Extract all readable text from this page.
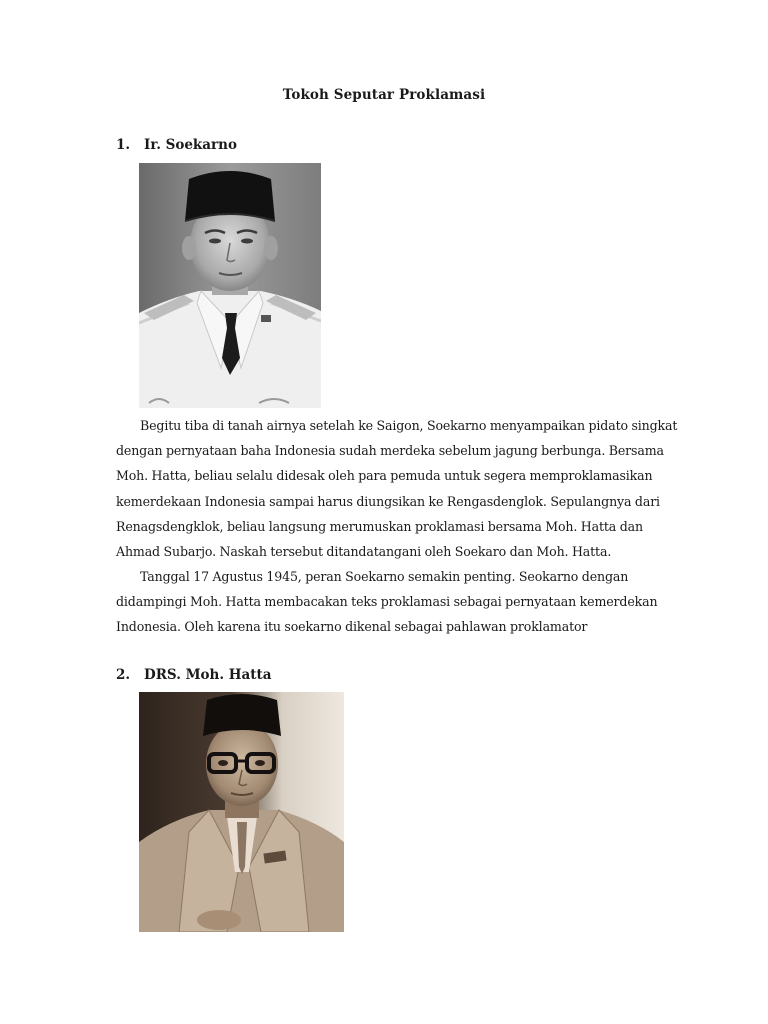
Tokoh Seputar Proklamasi
1.	Ir. Soekarno
Begitu tiba di tanah airnya setelah ke Saigon, Soekarno menyampaikan pidato singkat
dengan pernyataan baha Indonesia sudah merdeka sebelum jagung berbunga. Bersama
Moh. Hatta, beliau selalu didesak oleh para pemuda untuk segera memproklamasikan
kemerdekaan Indonesia sampai harus diungsikan ke Rengasdenglok. Sepulangnya dari
Renagsdengklok, beliau langsung merumuskan proklamasi bersama Moh. Hatta dan
Ahmad Subarjo. Naskah tersebut ditandatangani oleh Soekaro dan Moh. Hatta.
Tanggal 17 Agustus 1945, peran Soekarno semakin penting. Seokarno dengan
didampingi Moh. Hatta membacakan teks proklamasi sebagai pernyataan kemerdekan
Indonesia. Oleh karena itu soekarno dikenal sebagai pahlawan proklamator
2.	DRS. Moh. Hatta
